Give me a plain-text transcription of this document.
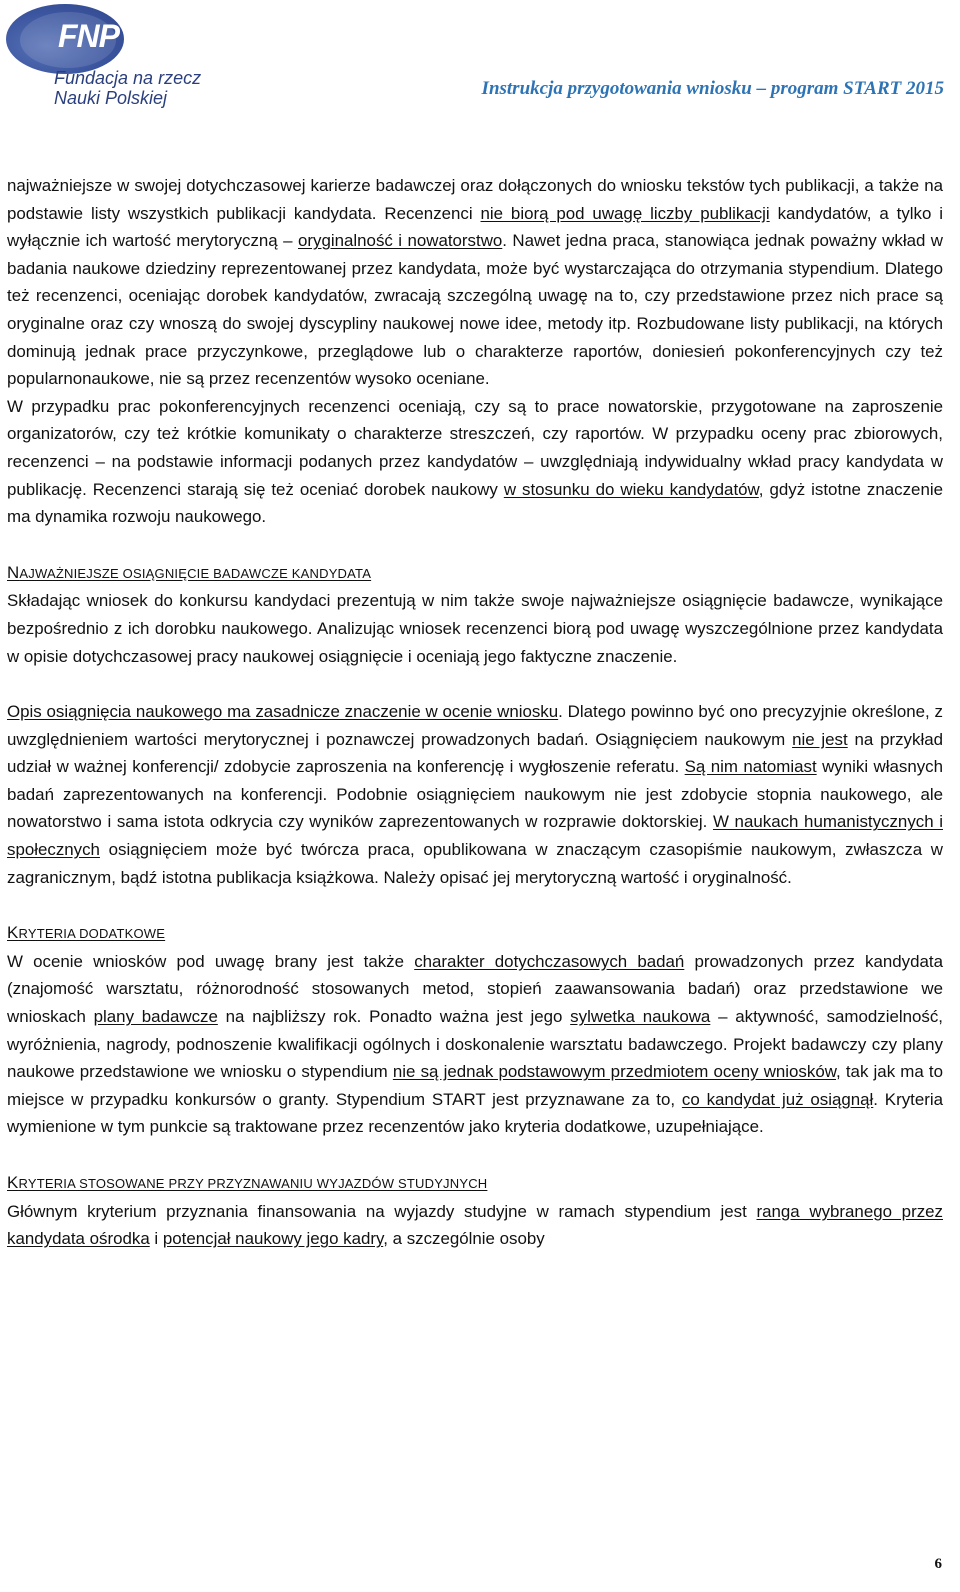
FNP
Fundacja na rzecz
Nauki Polskiej	Instrukcja przygotowania wniosku – program START 2015

najważniejsze w swojej dotychczasowej karierze badawczej oraz dołączonych do wniosku tekstów tych publikacji, a także na podstawie listy wszystkich publikacji kandydata. Recenzenci nie biorą pod uwagę liczby publikacji kandydatów, a tylko i wyłącznie ich wartość merytoryczną – oryginalność i nowatorstwo. Nawet jedna praca, stanowiąca jednak poważny wkład w badania naukowe dziedziny reprezentowanej przez kandydata, może być wystarczająca do otrzymania stypendium. Dlatego też recenzenci, oceniając dorobek kandydatów, zwracają szczególną uwagę na to, czy przedstawione przez nich prace są oryginalne oraz czy wnoszą do swojej dyscypliny naukowej nowe idee, metody itp. Rozbudowane listy publikacji, na których dominują jednak prace przyczynkowe, przeglądowe lub o charakterze raportów, doniesień pokonferencyjnych czy też popularnonaukowe, nie są przez recenzentów wysoko oceniane.

W przypadku prac pokonferencyjnych recenzenci oceniają, czy są to prace nowatorskie, przygotowane na zaproszenie organizatorów, czy też krótkie komunikaty o charakterze streszczeń, czy raportów. W przypadku oceny prac zbiorowych, recenzenci – na podstawie informacji podanych przez kandydatów – uwzględniają indywidualny wkład pracy kandydata w publikację. Recenzenci starają się też oceniać dorobek naukowy w stosunku do wieku kandydatów, gdyż istotne znaczenie ma dynamika rozwoju naukowego.

NAJWAŻNIEJSZE OSIĄGNIĘCIE BADAWCZE KANDYDATA

Składając wniosek do konkursu kandydaci prezentują w nim także swoje najważniejsze osiągnięcie badawcze, wynikające bezpośrednio z ich dorobku naukowego. Analizując wniosek recenzenci biorą pod uwagę wyszczególnione przez kandydata w opisie dotychczasowej pracy naukowej osiągnięcie i oceniają jego faktyczne znaczenie.

Opis osiągnięcia naukowego ma zasadnicze znaczenie w ocenie wniosku. Dlatego powinno być ono precyzyjnie określone, z uwzględnieniem wartości merytorycznej i poznawczej prowadzonych badań. Osiągnięciem naukowym nie jest na przykład udział w ważnej konferencji/ zdobycie zaproszenia na konferencję i wygłoszenie referatu. Są nim natomiast wyniki własnych badań zaprezentowanych na konferencji. Podobnie osiągnięciem naukowym nie jest zdobycie stopnia naukowego, ale nowatorstwo i sama istota odkrycia czy wyników zaprezentowanych w rozprawie doktorskiej. W naukach humanistycznych i społecznych osiągnięciem może być twórcza praca, opublikowana w znaczącym czasopiśmie naukowym, zwłaszcza w zagranicznym, bądź istotna publikacja książkowa. Należy opisać jej merytoryczną wartość i oryginalność.

KRYTERIA DODATKOWE

W ocenie wniosków pod uwagę brany jest także charakter dotychczasowych badań prowadzonych przez kandydata (znajomość warsztatu, różnorodność stosowanych metod, stopień zaawansowania badań) oraz przedstawione we wnioskach plany badawcze na najbliższy rok. Ponadto ważna jest jego sylwetka naukowa – aktywność, samodzielność, wyróżnienia, nagrody, podnoszenie kwalifikacji ogólnych i doskonalenie warsztatu badawczego. Projekt badawczy czy plany naukowe przedstawione we wniosku o stypendium nie są jednak podstawowym przedmiotem oceny wniosków, tak jak ma to miejsce w przypadku konkursów o granty. Stypendium START jest przyznawane za to, co kandydat już osiągnął. Kryteria wymienione w tym punkcie są traktowane przez recenzentów jako kryteria dodatkowe, uzupełniające.

KRYTERIA STOSOWANE PRZY PRZYZNAWANIU WYJAZDÓW STUDYJNYCH

Głównym kryterium przyznania finansowania na wyjazdy studyjne w ramach stypendium jest ranga wybranego przez kandydata ośrodka i potencjał naukowy jego kadry, a szczególnie osoby

6
